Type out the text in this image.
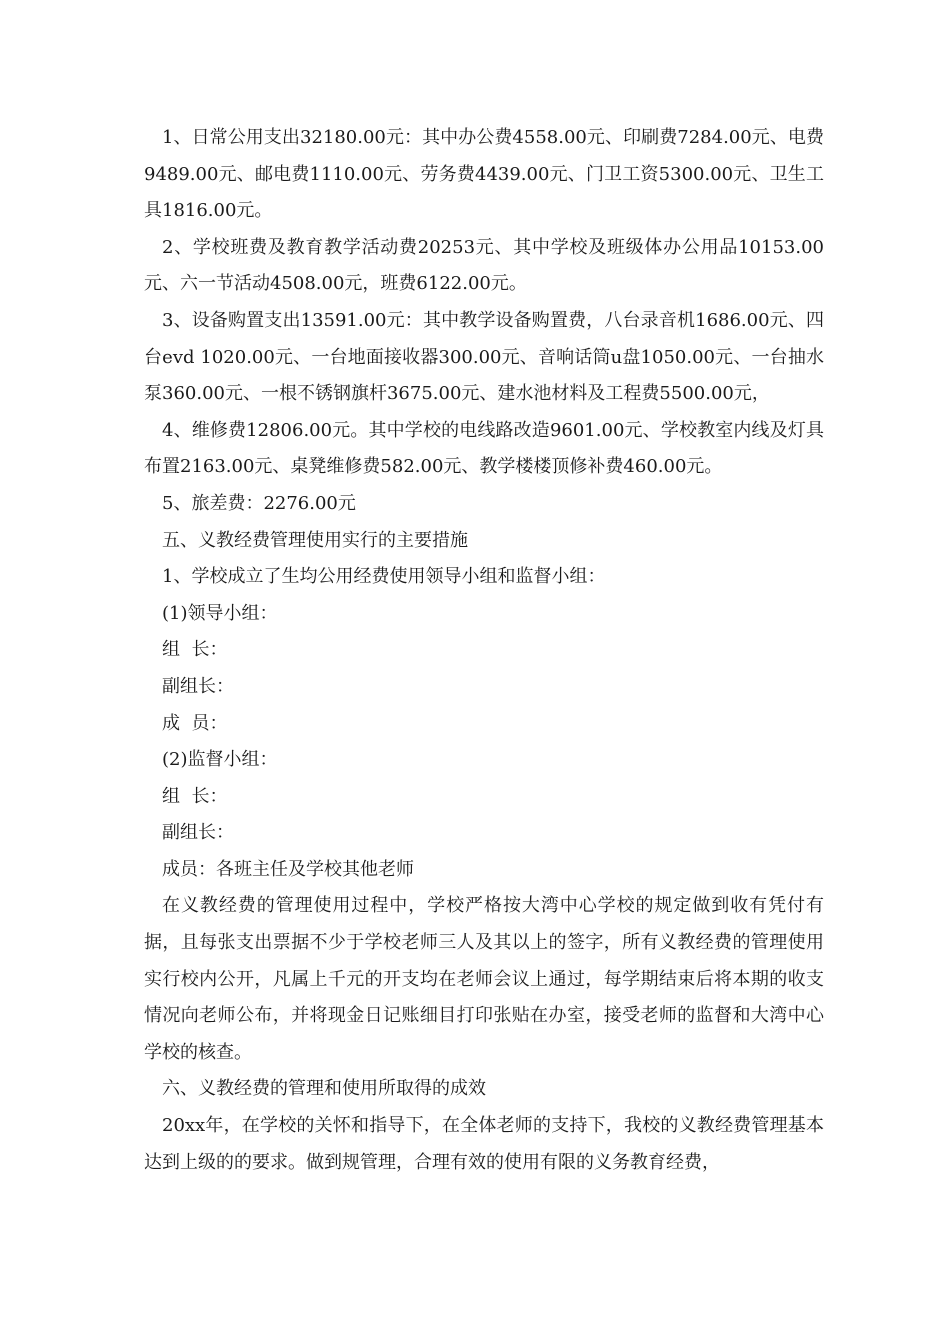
1、日常公用支出32180.00元：其中办公费4558.00元、印刷费7284.00元、电费9489.00元、邮电费1110.00元、劳务费4439.00元、门卫工资5300.00元、卫生工具1816.00元。

2、学校班费及教育教学活动费20253元、其中学校及班级体办公用品10153.00元、六一节活动4508.00元，班费6122.00元。

3、设备购置支出13591.00元：其中教学设备购置费，八台录音机1686.00元、四台evd 1020.00元、一台地面接收器300.00元、音响话筒u盘1050.00元、一台抽水泵360.00元、一根不锈钢旗杆3675.00元、建水池材料及工程费5500.00元，

4、维修费12806.00元。其中学校的电线路改造9601.00元、学校教室内线及灯具布置2163.00元、桌凳维修费582.00元、教学楼楼顶修补费460.00元。

5、旅差费：2276.00元

五、义教经费管理使用实行的主要措施

1、学校成立了生均公用经费使用领导小组和监督小组：

(1)领导小组：

组  长：

副组长：

成  员：

(2)监督小组：

组  长：

副组长：

成员：各班主任及学校其他老师

在义教经费的管理使用过程中，学校严格按大湾中心学校的规定做到收有凭付有据，且每张支出票据不少于学校老师三人及其以上的签字，所有义教经费的管理使用实行校内公开，凡属上千元的开支均在老师会议上通过，每学期结束后将本期的收支情况向老师公布，并将现金日记账细目打印张贴在办室，接受老师的监督和大湾中心学校的核查。

六、义教经费的管理和使用所取得的成效

20xx年，在学校的关怀和指导下，在全体老师的支持下，我校的义教经费管理基本达到上级的的要求。做到规管理，合理有效的使用有限的义务教育经费，
